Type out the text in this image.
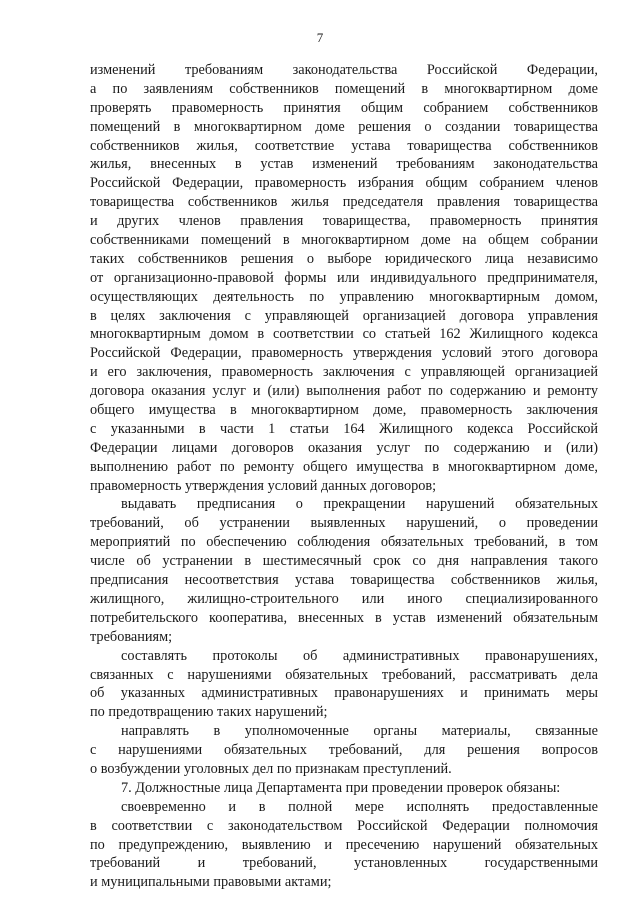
7
изменений требованиям законодательства Российской Федерации,
а по заявлениям собственников помещений в многоквартирном доме
проверять правомерность принятия общим собранием собственников
помещений в многоквартирном доме решения о создании товарищества
собственников жилья, соответствие устава товарищества собственников
жилья, внесенных в устав изменений требованиям законодательства
Российской Федерации, правомерность избрания общим собранием членов
товарищества собственников жилья председателя правления товарищества
и других членов правления товарищества, правомерность принятия
собственниками помещений в многоквартирном доме на общем собрании
таких собственников решения о выборе юридического лица независимо
от организационно-правовой формы или индивидуального предпринимателя,
осуществляющих деятельность по управлению многоквартирным домом,
в целях заключения с управляющей организацией договора управления
многоквартирным домом в соответствии со статьей 162 Жилищного кодекса
Российской Федерации, правомерность утверждения условий этого договора
и его заключения, правомерность заключения с управляющей организацией
договора оказания услуг и (или) выполнения работ по содержанию и ремонту
общего имущества в многоквартирном доме, правомерность заключения
с указанными в части 1 статьи 164 Жилищного кодекса Российской
Федерации лицами договоров оказания услуг по содержанию и (или)
выполнению работ по ремонту общего имущества в многоквартирном доме,
правомерность утверждения условий данных договоров;
выдавать предписания о прекращении нарушений обязательных
требований, об устранении выявленных нарушений, о проведении
мероприятий по обеспечению соблюдения обязательных требований, в том
числе об устранении в шестимесячный срок со дня направления такого
предписания несоответствия устава товарищества собственников жилья,
жилищного, жилищно-строительного или иного специализированного
потребительского кооператива, внесенных в устав изменений обязательным
требованиям;
составлять протоколы об административных правонарушениях,
связанных с нарушениями обязательных требований, рассматривать дела
об указанных административных правонарушениях и принимать меры
по предотвращению таких нарушений;
направлять в уполномоченные органы материалы, связанные
с нарушениями обязательных требований, для решения вопросов
о возбуждении уголовных дел по признакам преступлений.
7. Должностные лица Департамента при проведении проверок обязаны:
своевременно и в полной мере исполнять предоставленные
в соответствии с законодательством Российской Федерации полномочия
по предупреждению, выявлению и пресечению нарушений обязательных
требований и требований, установленных государственными
и муниципальными правовыми актами;
